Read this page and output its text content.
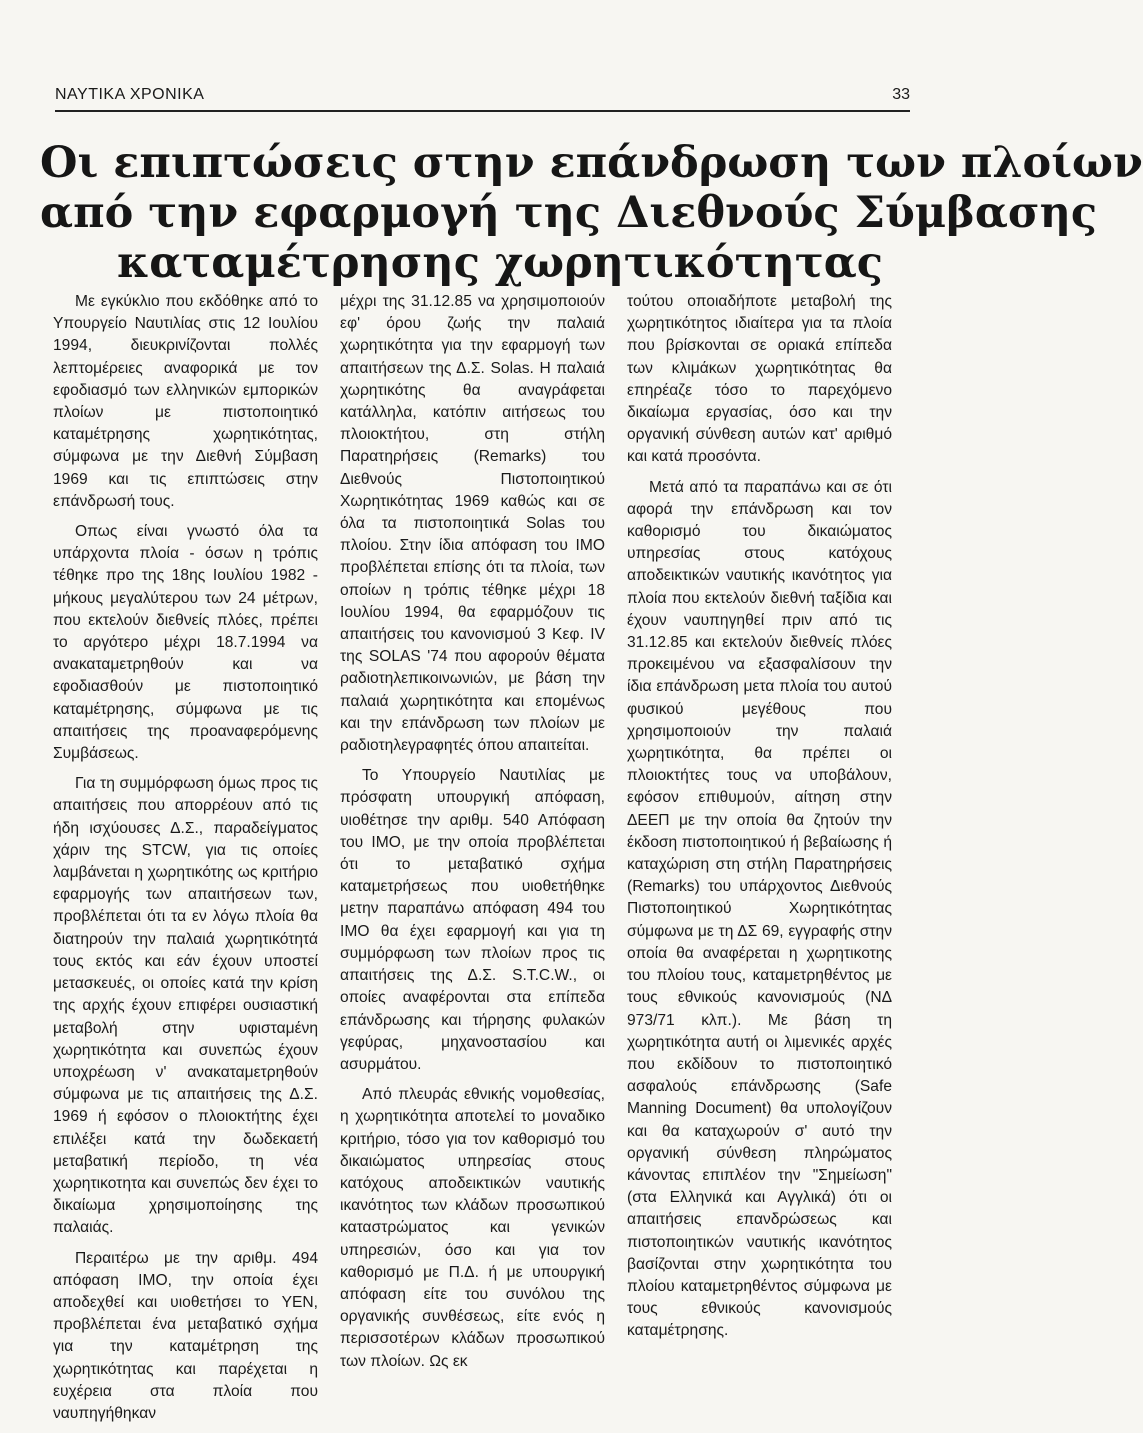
ΝΑΥΤΙΚΑ ΧΡΟΝΙΚΑ	33
Οι επιπτώσεις στην επάνδρωση των πλοίων
από την εφαρμογή της Διεθνούς Σύμβασης
καταμέτρησης χωρητικότητας

Με εγκύκλιο που εκδόθηκε από το Υπουργείο Ναυτιλίας στις 12 Ιουλίου 1994, διευκρινίζονται πολλές λεπτομέρειες αναφορικά με τον εφοδιασμό των ελληνικών εμπορικών πλοίων με πιστοποιητικό καταμέτρησης χωρητικότητας, σύμφωνα με την Διεθνή Σύμβαση 1969 και τις επιπτώσεις στην επάνδρωσή τους.

Οπως είναι γνωστό όλα τα υπάρχοντα πλοία - όσων η τρόπις τέθηκε προ της 18ης Ιουλίου 1982 - μήκους μεγαλύτερου των 24 μέτρων, που εκτελούν διεθνείς πλόες, πρέπει το αργότερο μέχρι 18.7.1994 να ανακαταμετρηθούν και να εφοδιασθούν με πιστοποιητικό καταμέτρησης, σύμφωνα με τις απαιτήσεις της προαναφερόμενης Συμβάσεως.

Για τη συμμόρφωση όμως προς τις απαιτήσεις που απορρέουν από τις ήδη ισχύουσες Δ.Σ., παραδείγματος χάριν της STCW, για τις οποίες λαμβάνεται η χωρητικότης ως κριτήριο εφαρμογής των απαιτήσεων των, προβλέπεται ότι τα εν λόγω πλοία θα διατηρούν την παλαιά χωρητικότητά τους εκτός και εάν έχουν υποστεί μετασκευές, οι οποίες κατά την κρίση της αρχής έχουν επιφέρει ουσιαστική μεταβολή στην υφισταμένη χωρητικότητα και συνεπώς έχουν υποχρέωση ν' ανακαταμετρηθούν σύμφωνα με τις απαιτήσεις της Δ.Σ. 1969 ή εφόσον ο πλοιοκτήτης έχει επιλέξει κατά την δωδεκαετή μεταβατική περίοδο, τη νέα χωρητικοτητα και συνεπώς δεν έχει το δικαίωμα χρησιμοποίησης της παλαιάς.

Περαιτέρω με την αριθμ. 494 απόφαση ΙΜΟ, την οποία έχει αποδεχθεί και υιοθετήσει το ΥΕΝ, προβλέπεται ένα μεταβατικό σχήμα για την καταμέτρηση της χωρητικότητας και παρέχεται η ευχέρεια στα πλοία που ναυπηγήθηκαν

μέχρι της 31.12.85 να χρησιμοποιούν εφ' όρου ζωής την παλαιά χωρητικότητα για την εφαρμογή των απαιτήσεων της Δ.Σ. Solas. Η παλαιά χωρητικότης θα αναγράφεται κατάλληλα, κατόπιν αιτήσεως του πλοιοκτήτου, στη στήλη Παρατηρήσεις (Remarks) του Διεθνούς Πιστοποιητικού Χωρητικότητας 1969 καθώς και σε όλα τα πιστοποιητικά Solas του πλοίου. Στην ίδια απόφαση του ΙΜΟ προβλέπεται επίσης ότι τα πλοία, των οποίων η τρόπις τέθηκε μέχρι 18 Ιουλίου 1994, θα εφαρμόζουν τις απαιτήσεις του κανονισμού 3 Κεφ. IV της SOLAS '74 που αφορούν θέματα ραδιοτηλεπικοινωνιών, με βάση την παλαιά χωρητικότητα και επομένως και την επάνδρωση των πλοίων με ραδιοτηλεγραφητές όπου απαιτείται.

Το Υπουργείο Ναυτιλίας με πρόσφατη υπουργική απόφαση, υιοθέτησε την αριθμ. 540 Απόφαση του ΙΜΟ, με την οποία προβλέπεται ότι το μεταβατικό σχήμα καταμετρήσεως που υιοθετήθηκε μετην παραπάνω απόφαση 494 του ΙΜΟ θα έχει εφαρμογή και για τη συμμόρφωση των πλοίων προς τις απαιτήσεις της Δ.Σ. S.T.C.W., οι οποίες αναφέρονται στα επίπεδα επάνδρωσης και τήρησης φυλακών γεφύρας, μηχανοστασίου και ασυρμάτου.

Από πλευράς εθνικής νομοθεσίας, η χωρητικότητα αποτελεί το μοναδικο κριτήριο, τόσο για τον καθορισμό του δικαιώματος υπηρεσίας στους κατόχους αποδεικτικών ναυτικής ικανότητος των κλάδων προσωπικού καταστρώματος και γενικών υπηρεσιών, όσο και για τον καθορισμό με Π.Δ. ή με υπουργική απόφαση είτε του συνόλου της οργανικής συνθέσεως, είτε ενός η περισσοτέρων κλάδων προσωπικού των πλοίων. Ως εκ

τούτου οποιαδήποτε μεταβολή της χωρητικότητος ιδιαίτερα για τα πλοία που βρίσκονται σε οριακά επίπεδα των κλιμάκων χωρητικότητας θα επηρέαζε τόσο το παρεχόμενο δικαίωμα εργασίας, όσο και την οργανική σύνθεση αυτών κατ' αριθμό και κατά προσόντα.

Μετά από τα παραπάνω και σε ότι αφορά την επάνδρωση και τον καθορισμό του δικαιώματος υπηρεσίας στους κατόχους αποδεικτικών ναυτικής ικανότητος για πλοία που εκτελούν διεθνή ταξίδια και έχουν ναυπηγηθεί πριν από τις 31.12.85 και εκτελούν διεθνείς πλόες προκειμένου να εξασφαλίσουν την ίδια επάνδρωση μετα πλοία του αυτού φυσικού μεγέθους που χρησιμοποιούν την παλαιά χωρητικότητα, θα πρέπει οι πλοιοκτήτες τους να υποβάλουν, εφόσον επιθυμούν, αίτηση στην ΔΕΕΠ με την οποία θα ζητούν την έκδοση πιστοποιητικού ή βεβαίωσης ή καταχώριση στη στήλη Παρατηρήσεις (Remarks) του υπάρχοντος Διεθνούς Πιστοποιητικού Χωρητικότητας σύμφωνα με τη ΔΣ 69, εγγραφής στην οποία θα αναφέρεται η χωρητικοτης του πλοίου τους, καταμετρηθέντος με τους εθνικούς κανονισμούς (ΝΔ 973/71 κλπ.). Με βάση τη χωρητικότητα αυτή οι λιμενικές αρχές που εκδίδουν το πιστοποιητικό ασφαλούς επάνδρωσης (Safe Manning Document) θα υπολογίζουν και θα καταχωρούν σ' αυτό την οργανική σύνθεση πληρώματος κάνοντας επιπλέον την "Σημείωση" (στα Ελληνικά και Αγγλικά) ότι οι απαιτήσεις επανδρώσεως και πιστοποιητικών ναυτικής ικανότητος βασίζονται στην χωρητικότητα του πλοίου καταμετρηθέντος σύμφωνα με τους εθνικούς κανονισμούς καταμέτρησης.
